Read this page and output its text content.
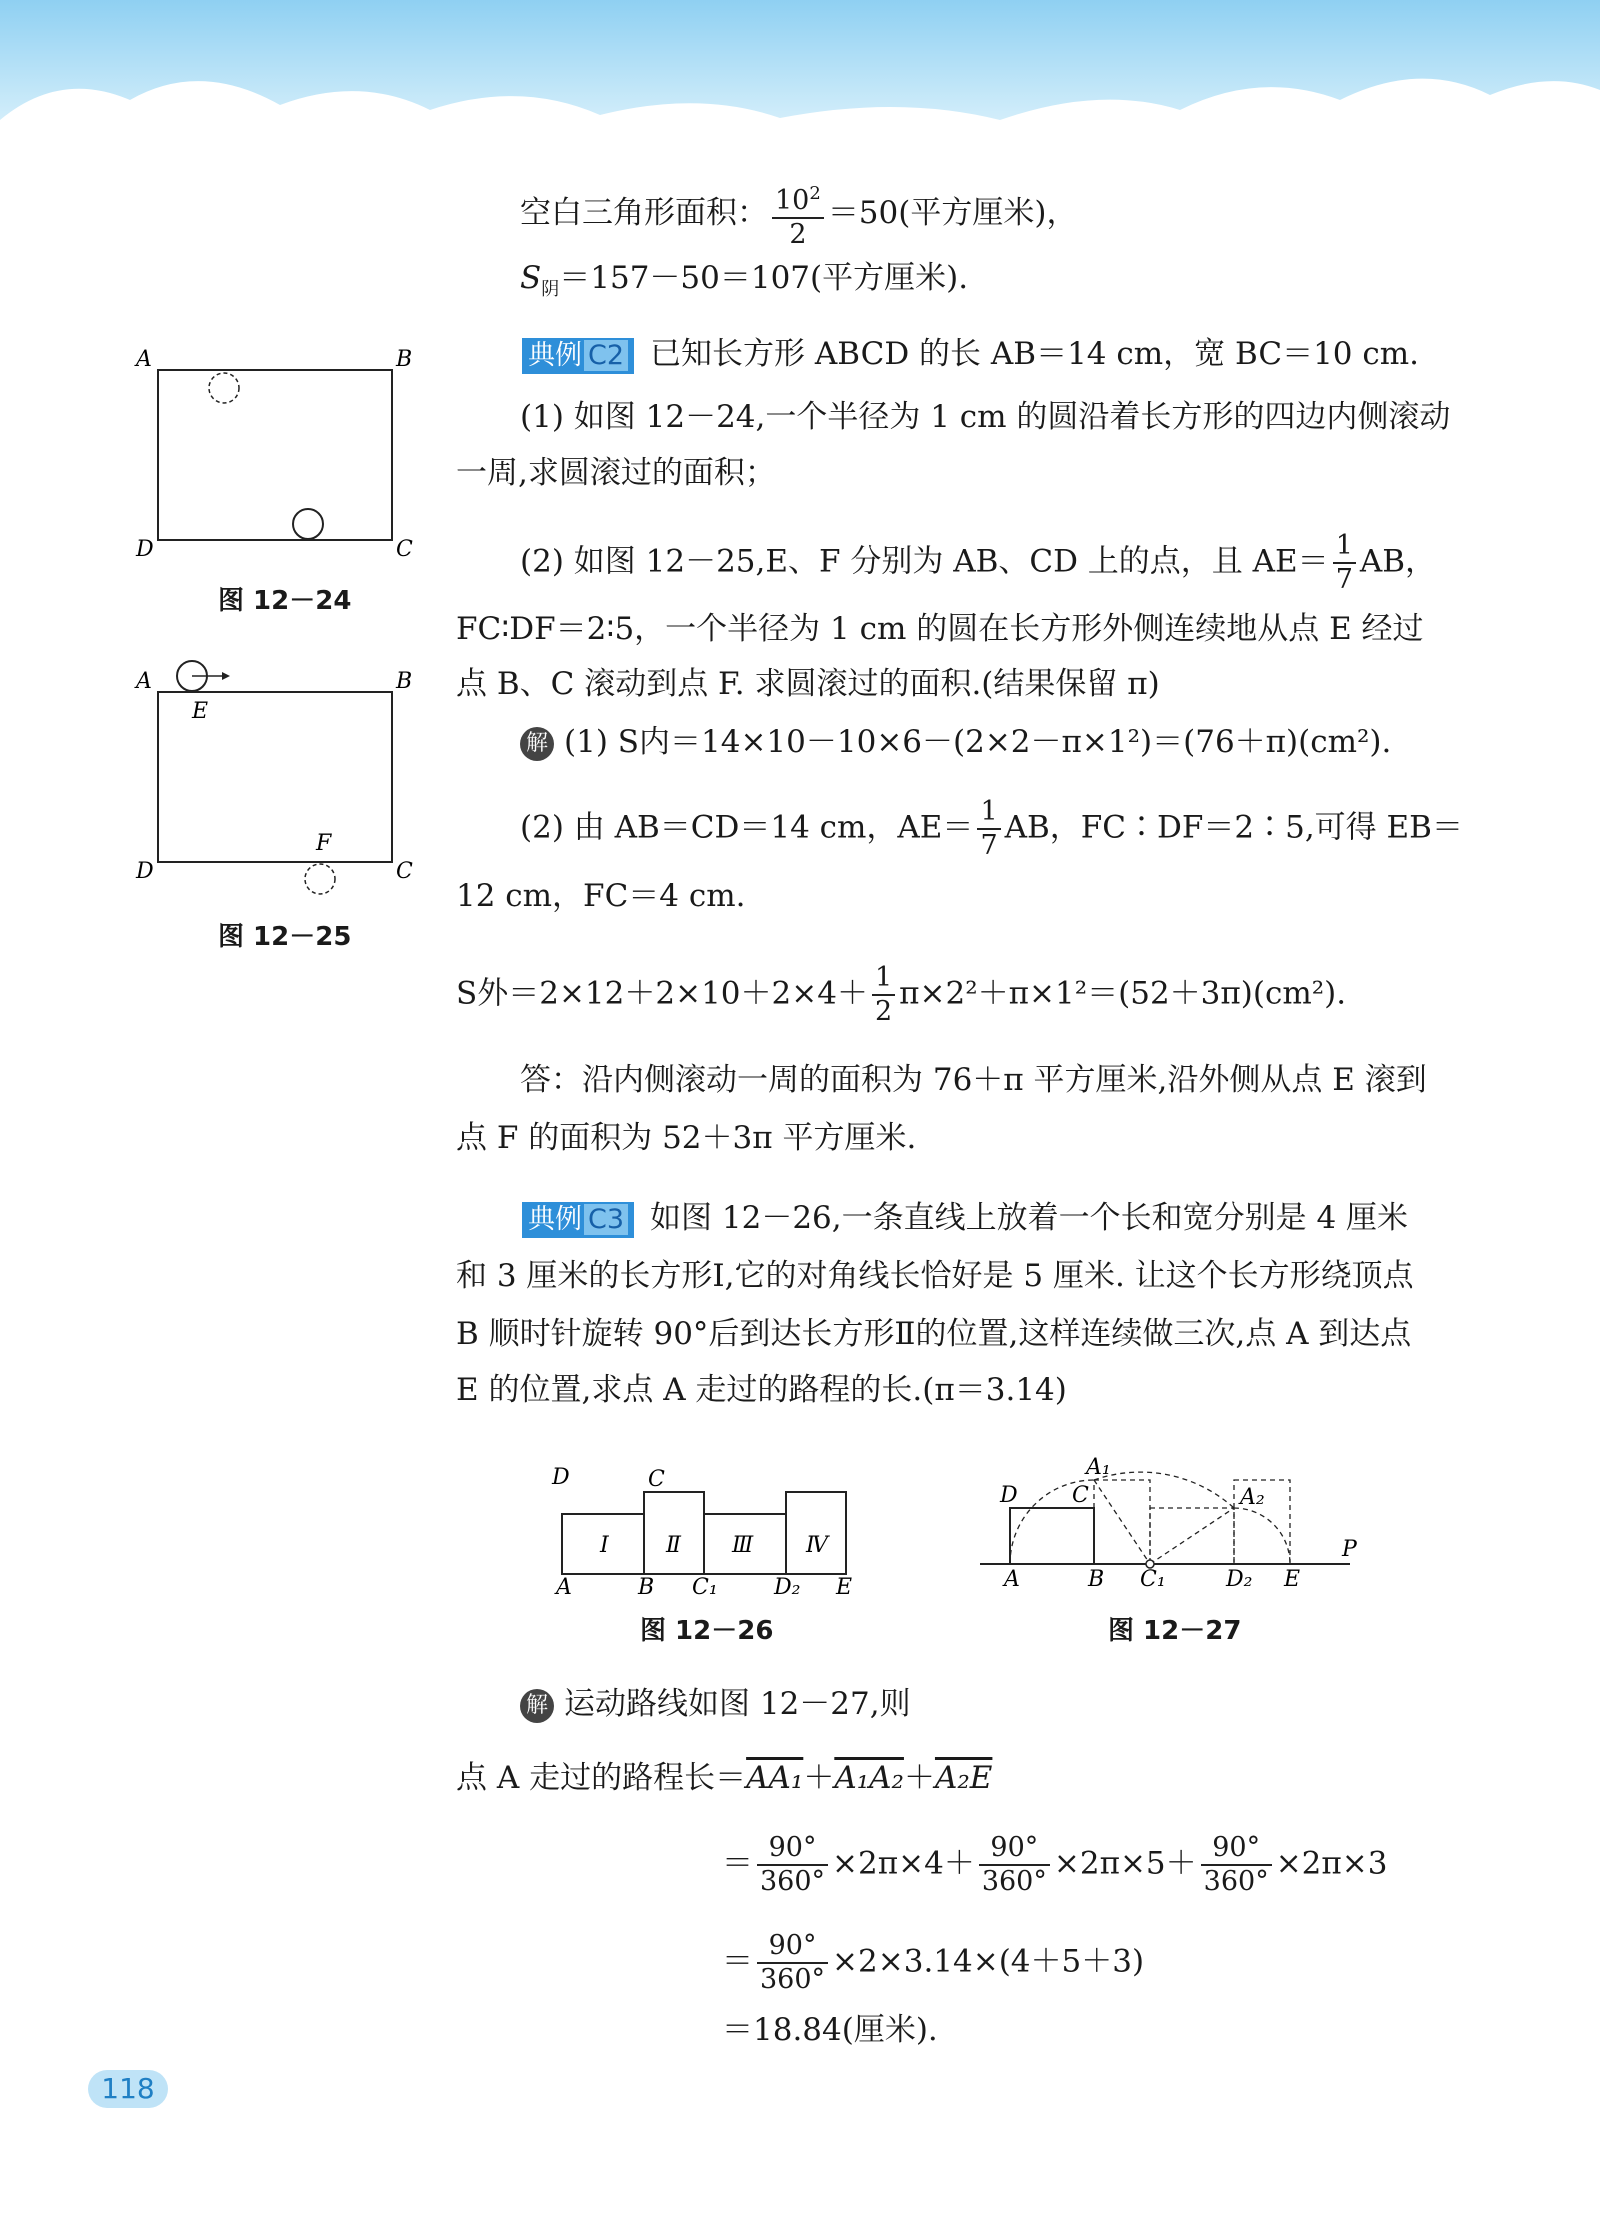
空白三角形面积： $\frac{10^2}{2} =50$(平方厘米)，
$S_阴=157-50=107$(平方厘米).
典例 C2 已知长方形 ABCD 的长 AB＝14 cm，宽 BC＝10 cm.
(1) 如图 12－24,一个半径为 1 cm 的圆沿着长方形的四边内侧滚动
一周,求圆滚过的面积；
(2) 如图 12－25,E、F 分别为 AB、CD 上的点，且 $AE= \frac{1}{7}$ AB，
FC∶DF＝2∶5，一个半径为 1 cm 的圆在长方形外侧连续地从点 E 经过
点 B、C 滚动到点 F. 求圆滚过的面积.(结果保留 π)
解 (1) S内＝14×10－10×6－(2×2－π×1²)＝(76＋π)(cm²).
(2) 由 AB＝CD＝14 cm，$AE= \frac{1}{7}$ AB，FC∶DF＝2∶5,可得 EB＝
12 cm，FC＝4 cm.
S外$=2\times 12+2\times 10+2\times 4+ \frac{1}{2} \pi\times 2^2+\pi\times 1^2=(52+3\pi)(cm^2)$.
答：沿内侧滚动一周的面积为 76＋π 平方厘米,沿外侧从点 E 滚到
点 F 的面积为 52＋3π 平方厘米.
典例 C3 如图 12－26,一条直线上放着一个长和宽分别是 4 厘米
和 3 厘米的长方形Ⅰ,它的对角线长恰好是 5 厘米. 让这个长方形绕顶点
B 顺时针旋转 90°后到达长方形Ⅱ的位置,这样连续做三次,点 A 到达点
E 的位置,求点 A 走过的路程的长.(π＝3.14)
解 运动路线如图 12－27,则
点 A 走过的路程长＝AA₁＋A₁A₂＋A₂E
＝ $\frac{90^\circ}{360^\circ} \times 2\pi\times 4+ \frac{90^\circ}{360^\circ} \times 2\pi\times 5+ \frac{90^\circ}{360^\circ} \times 2\pi\times 3$
＝ $\frac{90^\circ}{360^\circ} \times 2\times 3.14\times(4+5+3)$
＝18.84(厘米).
A	B
D	C
图 12－24
A	B
E
F
D	C
图 12－25
Ⅰ	Ⅱ Ⅲ Ⅳ
D	C
A	B C₁	D₂ E
图 12－26
D C
A₁
A₂
A	B C₁	D₂ E
P
图 12－27
118
